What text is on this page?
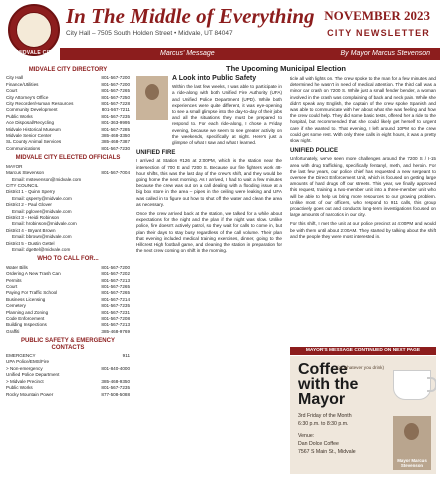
MIDVALE CITY
In The Middle of Everything
City Hall – 7505 South Holden Street • Midvale, UT 84047
NOVEMBER 2023
CITY NEWSLETTER
Marcus' Message	By Mayor Marcus Stevenson
MIDVALE CITY DIRECTORY
City Hall	801-567-7200
Finance/Utilities	801-567-7200
Court	801-567-7265
City Attorney's Office	801-567-7250
City Recorder/Human Resources	801-567-7228
Community Development	801-567-7211
Public Works	801-567-7235
Ace Disposal/Recycling	801-363-9995
Midvale Historical Museum	801-567-7285
Midvale Senior Center	385-468-3350
SL County Animal Services	385-468-7387
Communications	801-567-7230
MIDVALE CITY ELECTED OFFICIALS
MAYOR
Marcus Stevenson	801-567-7004
Email: mstevenson@midvale.com
CITY COUNCIL
District 1 - Quinn Sperry
Email: qsperry@midvale.com
District 2 - Paul Glover
Email: pglover@midvale.com
District 3 - Heidi Robinson
Email: hrobinson@midvale.com
District 4 - Bryant Brown
Email: bbrown@midvale.com
District 5 - Dustin Gettel
Email: dgettel@midvale.com
WHO TO CALL FOR...
Water Bills	801-567-7200
Ordering A New Trash Can	801-567-7202
Permits	801-567-7213
Court	801-567-7265
Paying For Traffic School	801-567-7265
Business Licensing	801-567-7214
Cemetery	801-567-7235
Planning and Zoning	801-567-7231
Code Enforcement	801-567-7208
Building Inspections	801-567-7213
Graffiti	385-468-9769
PUBLIC SAFETY & EMERGENCY CONTACTS
EMERGENCY	911
UPA Police/EMS/Fire
> Non-emergency	801-840-4000
Unified Police Department
> Midvale Precinct	385-468-9350
Public Works	801-567-7235
Rocky Mountain Power	877-508-5088
The Upcoming Municipal Election
A Look into Public Safety

Within the last few weeks, I was able to participate in a ride-along with both Unified Fire Authority (UFA) and Unified Police Department (UPD). While both experiences were quite different, it was eye-opening to see a small glimpse into the day-to-day of their jobs and all the situations they must be prepared to respond to. For each ride-along, I chose a Friday evening, because we seem to see greater activity on the weekends, specifically at night. Here's just a glimpse of what I saw and what I learned.

UNIFIED FIRE

I arrived at Station #126 at 2:00PM, which is the station near the intersection of 700 E and 7200 S. Because our fire fighters work 48-hour shifts, this was the last day of the crew's shift, and they would be going home the next morning. As I arrived, I had to wait a few minutes because the crew was out on a call dealing with a flooding issue at a big box store in the area – pipes in the ceiling were leaking and UFA was called in to figure out how to shut off the water and clean the area as necessary.

Once the crew arrived back at the station, we talked for a while about expectations for the night and the plan if the night was slow. Unlike police, fire doesn't actively patrol, so they wait for calls to come in, but plan their days to stay busy regardless of the call volume. Their plan that evening included medical training exercises, dinner, going to the Hillcrest High football game, and cleaning the station in preparation for the next crew coming on shift in the morning.

ticle all with lights on. The crew spoke to the man for a few minutes and determined he wasn't in need of medical attention. The third call was a minor car crash on 7200 S. While just a small fender bender, a woman involved in the crash was complaining of back and neck pain. While she didn't speak any English, the captain of the crew spoke Spanish and was able to communicate with her about what she was feeling and how the crew could help. They did some basic tests, offered her a ride to the hospital, but recommended that she could likely get herself to urgent care if she wanted to. That evening, I left around 10PM so the crew could get some rest. With only three calls in eight hours, it was a pretty slow night.

UNIFIED POLICE

Unfortunately, we've seen more challenges around the 7200 S / I-15 area with drug trafficking, specifically fentanyl, meth, and heroin. For the last few years, our police chief has requested a new sergeant to oversee the Direct Enforcement Unit, which is focused on getting large amounts of hard drugs off our streets. This year, we finally approved this request, training a two-member unit into a three-member unit who will be able to help us bring more resources to our growing problem. Unlike most of our officers, who respond to 911 calls, this group proactively goes out and conducts long-term investigations focused on large amounts of narcotics in our city.

For this shift, I met the unit at our police precinct at 4:00PM and would be with them until about 2:00AM. They started by talking about the shift and the people they were most interested in.

MAYOR'S MESSAGE CONTINUED ON NEXT PAGE
Coffee
with the
Mayor
(or whatever you drink)
3rd Friday of the Month
6:30 p.m. to 8:30 p.m.
Venue:
Dan Dolce Coffee
7567 S Main St., Midvale
Mayor Marcus Stevenson
